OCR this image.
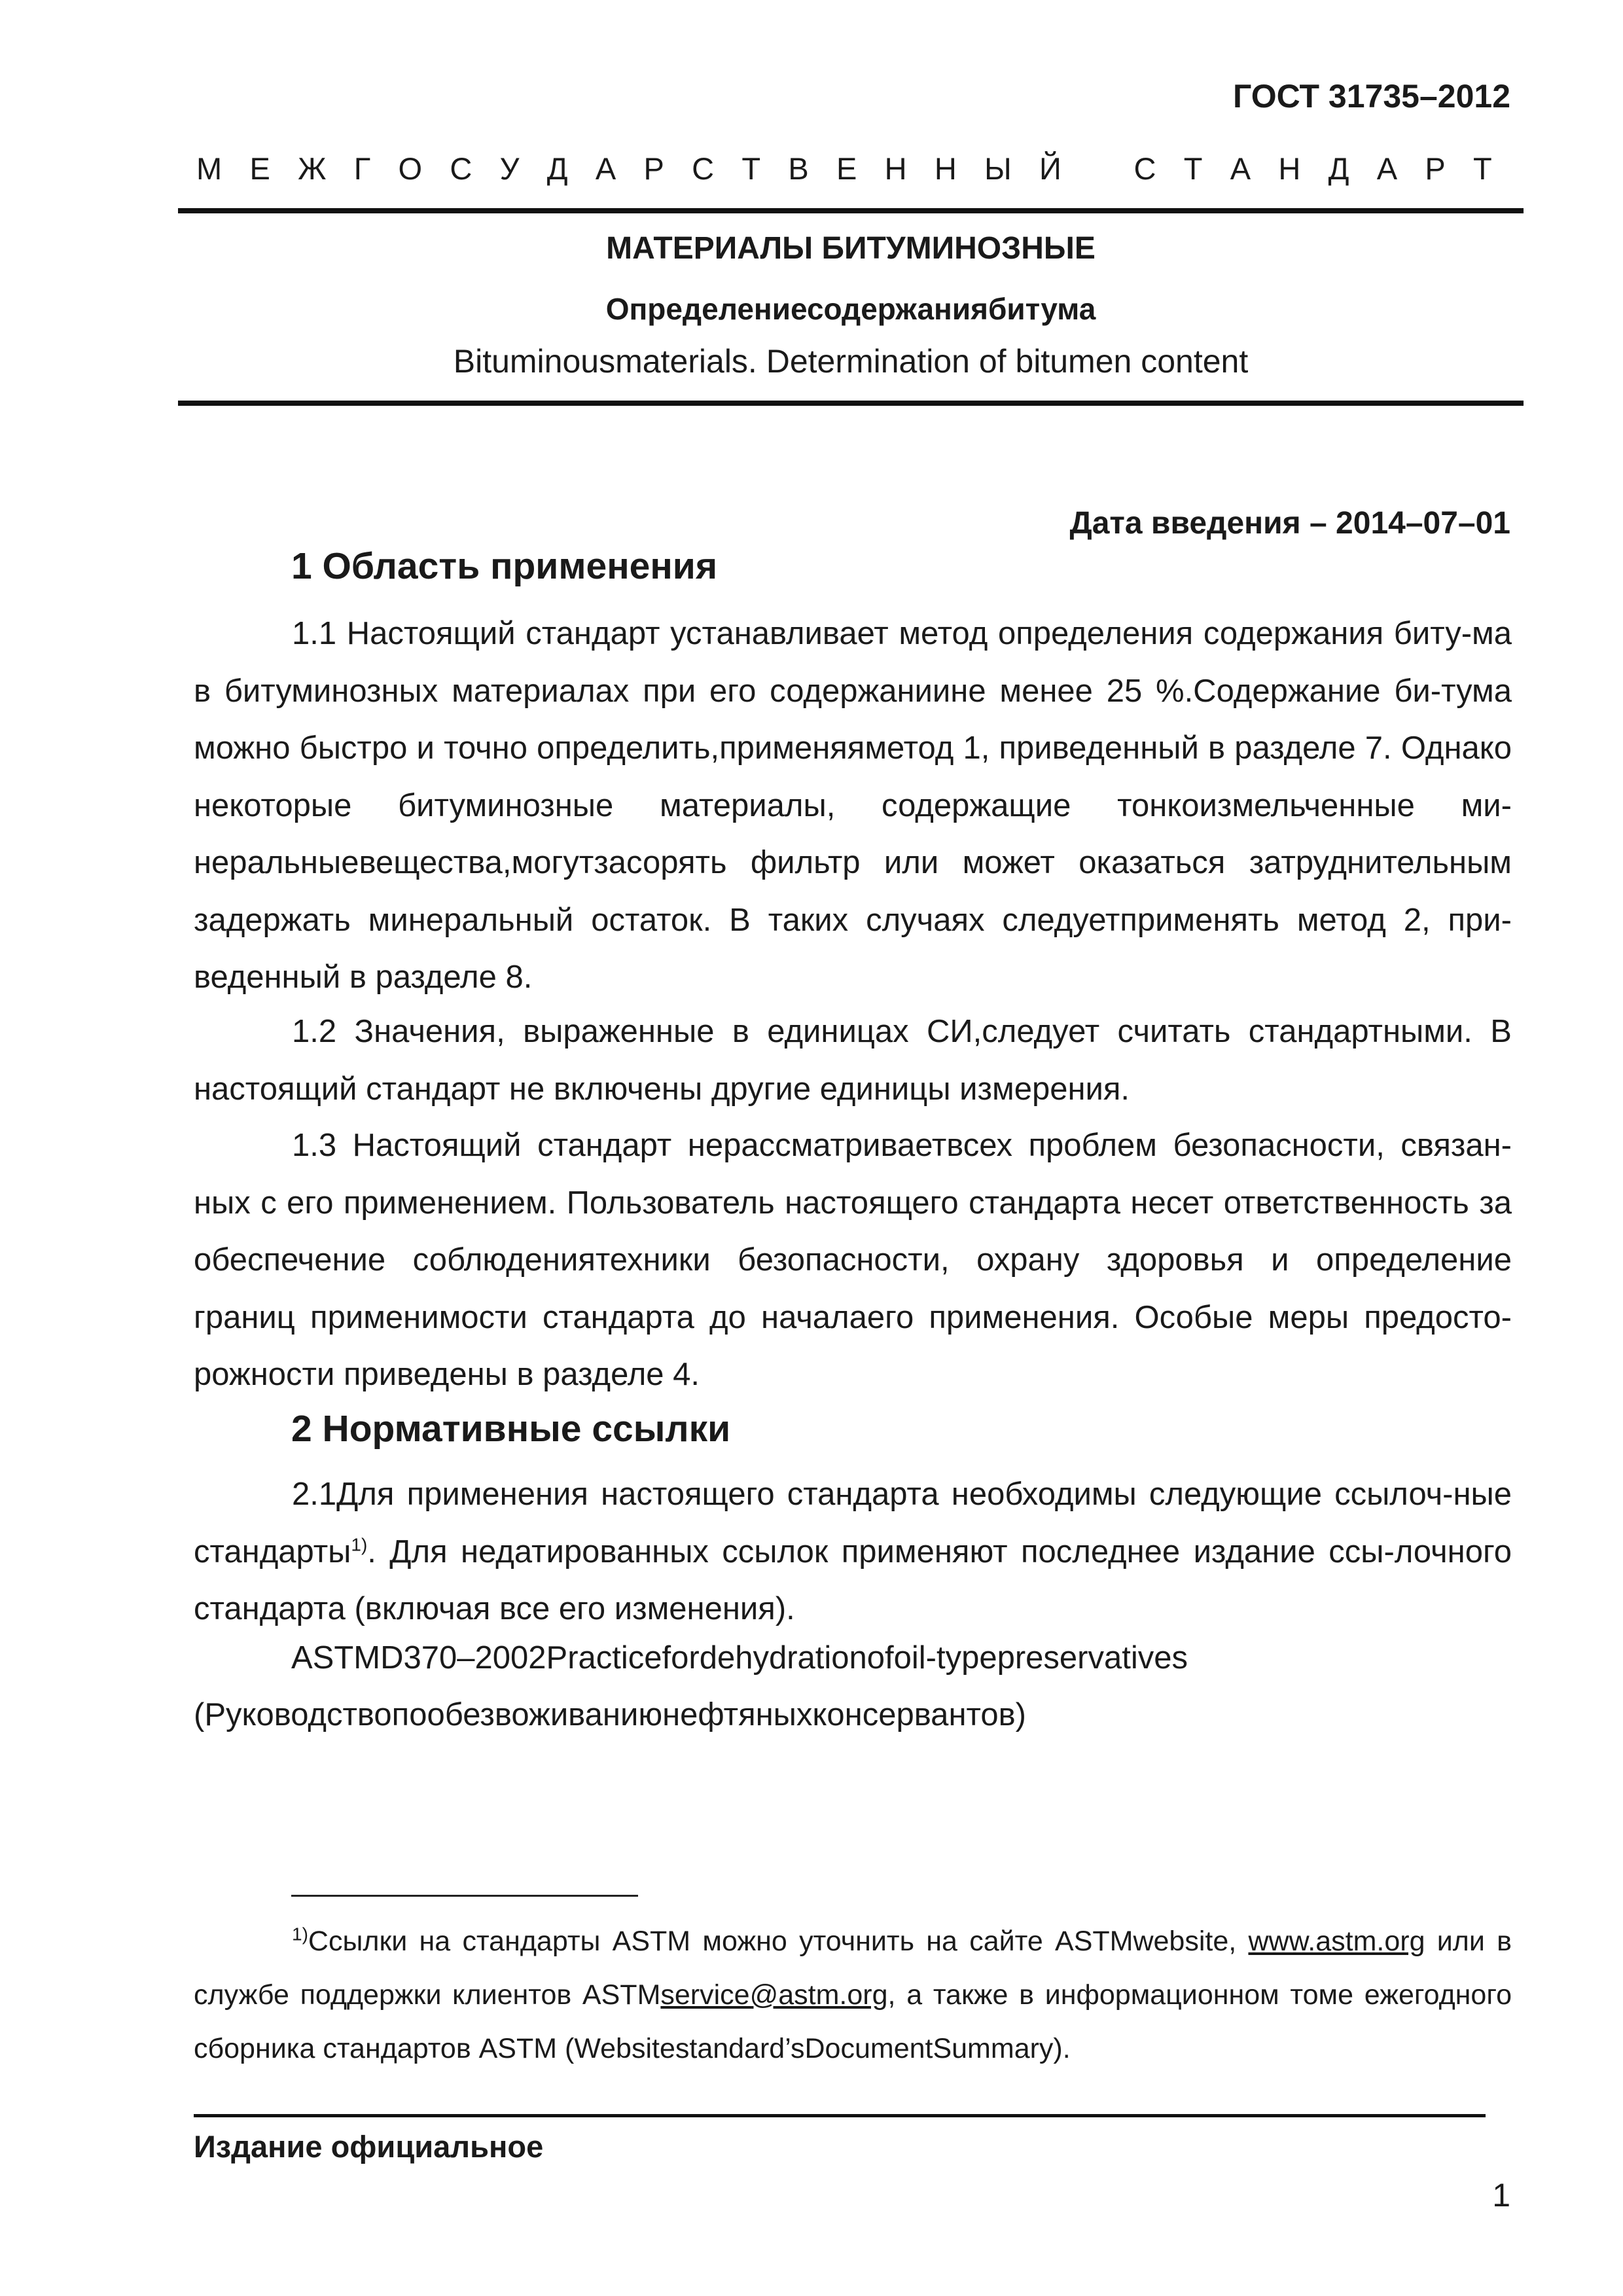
ГОСТ 31735–2012
М Е Ж Г О С У Д А Р С Т В Е Н Н Ы Й
С Т А Н Д А Р Т
МАТЕРИАЛЫ БИТУМИНОЗНЫЕ
Определениесодержаниябитума
Bituminousmaterials. Determination of bitumen content
Дата введения – 2014–07–01
1 Область применения
1.1 Настоящий стандарт устанавливает метод определения содержания биту-ма в битуминозных материалах при его содержаниине менее 25 %.Содержание би-тума можно быстро и точно определить,применяяметод 1, приведенный в разделе 7. Однако некоторые битуминозные материалы, содержащие тонкоизмельченные ми-неральныевещества,могутзасорять фильтр или может оказаться затруднительным задержать минеральный остаток. В таких случаях следуетприменять метод 2, при-веденный в разделе 8.
1.2 Значения, выраженные в единицах СИ,следует считать стандартными. В настоящий стандарт не включены другие единицы измерения.
1.3 Настоящий стандарт нерассматриваетвсех проблем безопасности, связан-ных с его применением. Пользователь настоящего стандарта несет ответственность за обеспечение соблюдениятехники безопасности, охрану здоровья и определение границ применимости стандарта до началаего применения. Особые меры предосто-рожности приведены в разделе 4.
2 Нормативные ссылки
2.1Для применения настоящего стандарта необходимы следующие ссылоч-ные стандарты$^{1)}$. Для недатированных ссылок применяют последнее издание ссы-лочного стандарта (включая все его изменения).
ASTMD370–2002Practicefordehydrationofoil-typepreservatives
(Руководствопообезвоживаниюнефтяныхконсервантов)
$^{1)}$Ссылки на стандарты ASTM можно уточнить на сайте ASTMwebsite, www.astm.org или в службе поддержки клиентов ASTMservice@astm.org, а также в информационном томе ежегодного сборника стандартов ASTM (Websitestandard’sDocumentSummary).
Издание официальное
1
